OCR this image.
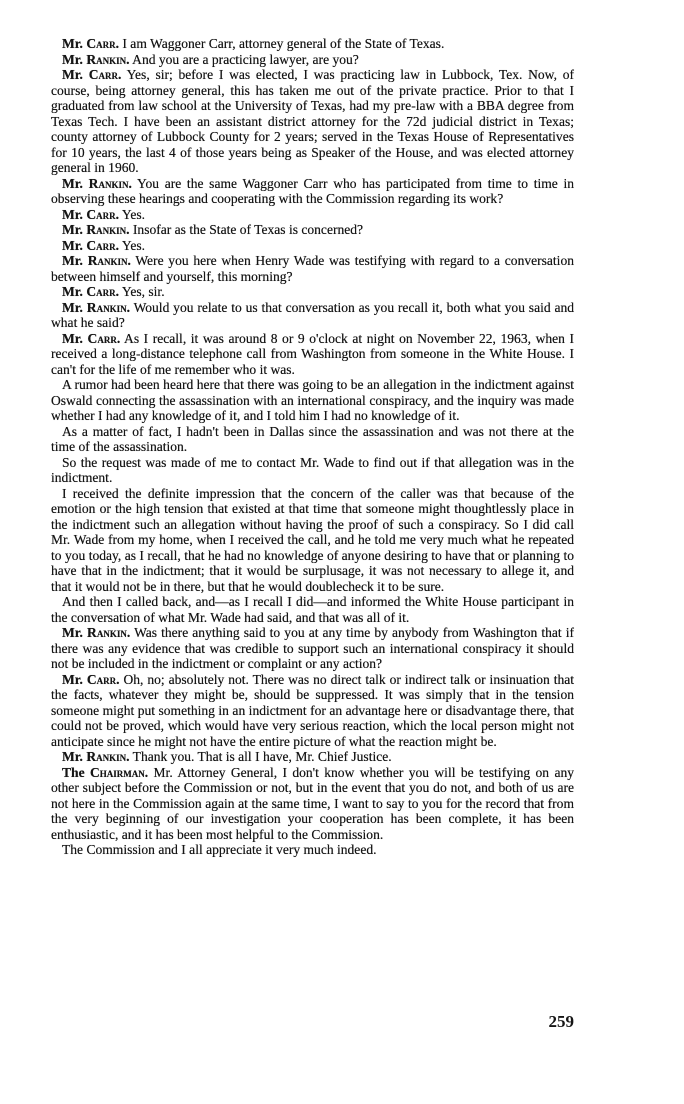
Mr. Carr. I am Waggoner Carr, attorney general of the State of Texas.

Mr. Rankin. And you are a practicing lawyer, are you?

Mr. Carr. Yes, sir; before I was elected, I was practicing law in Lubbock, Tex. Now, of course, being attorney general, this has taken me out of the private practice. Prior to that I graduated from law school at the University of Texas, had my pre-law with a BBA degree from Texas Tech. I have been an assistant district attorney for the 72d judicial district in Texas; county attorney of Lubbock County for 2 years; served in the Texas House of Representatives for 10 years, the last 4 of those years being as Speaker of the House, and was elected attorney general in 1960.

Mr. Rankin. You are the same Waggoner Carr who has participated from time to time in observing these hearings and cooperating with the Commission regarding its work?

Mr. Carr. Yes.

Mr. Rankin. Insofar as the State of Texas is concerned?

Mr. Carr. Yes.

Mr. Rankin. Were you here when Henry Wade was testifying with regard to a conversation between himself and yourself, this morning?

Mr. Carr. Yes, sir.

Mr. Rankin. Would you relate to us that conversation as you recall it, both what you said and what he said?

Mr. Carr. As I recall, it was around 8 or 9 o'clock at night on November 22, 1963, when I received a long-distance telephone call from Washington from someone in the White House. I can't for the life of me remember who it was.

A rumor had been heard here that there was going to be an allegation in the indictment against Oswald connecting the assassination with an international conspiracy, and the inquiry was made whether I had any knowledge of it, and I told him I had no knowledge of it.

As a matter of fact, I hadn't been in Dallas since the assassination and was not there at the time of the assassination.

So the request was made of me to contact Mr. Wade to find out if that allegation was in the indictment.

I received the definite impression that the concern of the caller was that because of the emotion or the high tension that existed at that time that someone might thoughtlessly place in the indictment such an allegation without having the proof of such a conspiracy. So I did call Mr. Wade from my home, when I received the call, and he told me very much what he repeated to you today, as I recall, that he had no knowledge of anyone desiring to have that or planning to have that in the indictment; that it would be surplusage, it was not necessary to allege it, and that it would not be in there, but that he would doublecheck it to be sure.

And then I called back, and—as I recall I did—and informed the White House participant in the conversation of what Mr. Wade had said, and that was all of it.

Mr. Rankin. Was there anything said to you at any time by anybody from Washington that if there was any evidence that was credible to support such an international conspiracy it should not be included in the indictment or complaint or any action?

Mr. Carr. Oh, no; absolutely not. There was no direct talk or indirect talk or insinuation that the facts, whatever they might be, should be suppressed. It was simply that in the tension someone might put something in an indictment for an advantage here or disadvantage there, that could not be proved, which would have very serious reaction, which the local person might not anticipate since he might not have the entire picture of what the reaction might be.

Mr. Rankin. Thank you. That is all I have, Mr. Chief Justice.

The Chairman. Mr. Attorney General, I don't know whether you will be testifying on any other subject before the Commission or not, but in the event that you do not, and both of us are not here in the Commission again at the same time, I want to say to you for the record that from the very beginning of our investigation your cooperation has been complete, it has been enthusiastic, and it has been most helpful to the Commission.

The Commission and I all appreciate it very much indeed.

259
